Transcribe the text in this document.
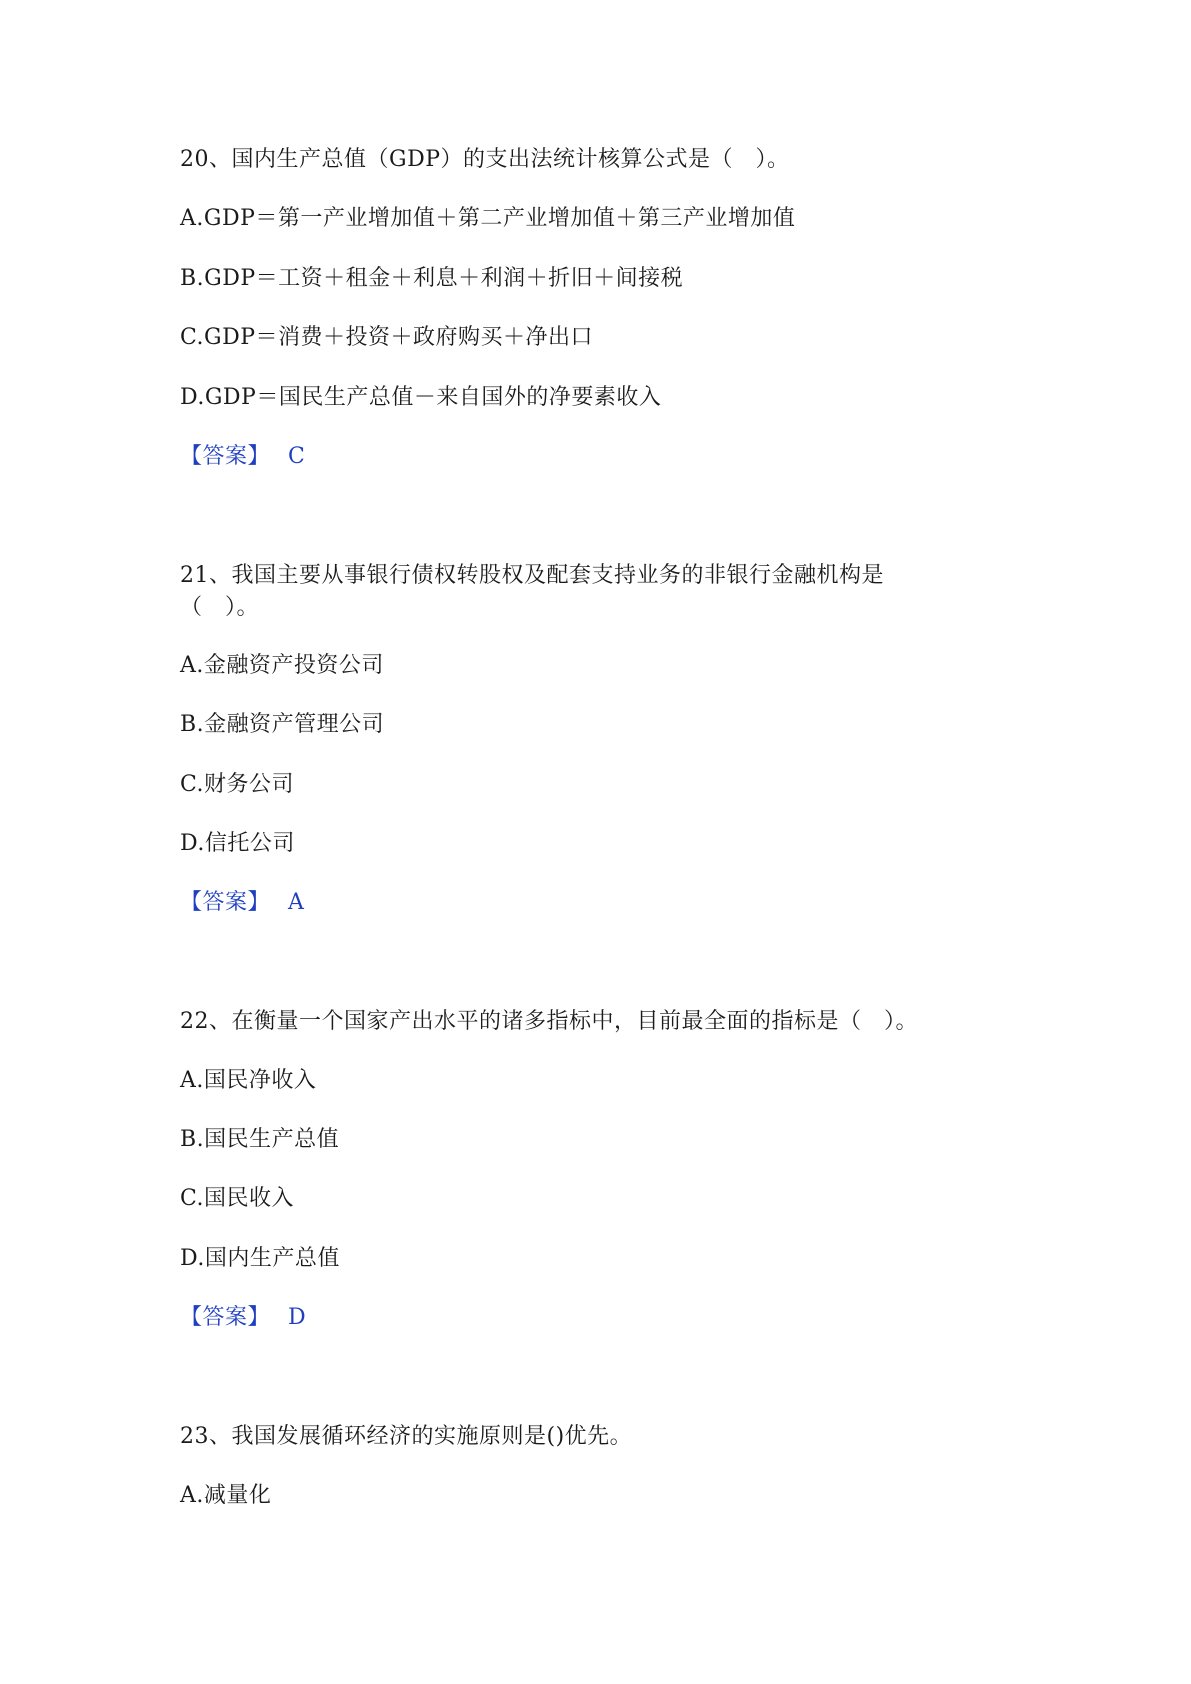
20、国内生产总值（GDP）的支出法统计核算公式是（　）。
A.GDP＝第一产业增加值＋第二产业增加值＋第三产业增加值
B.GDP＝工资＋租金＋利息＋利润＋折旧＋间接税
C.GDP＝消费＋投资＋政府购买＋净出口
D.GDP＝国民生产总值－来自国外的净要素收入
【答案】 C
21、我国主要从事银行债权转股权及配套支持业务的非银行金融机构是
（　）。
A.金融资产投资公司
B.金融资产管理公司
C.财务公司
D.信托公司
【答案】 A
22、在衡量一个国家产出水平的诸多指标中，目前最全面的指标是（　）。
A.国民净收入
B.国民生产总值
C.国民收入
D.国内生产总值
【答案】 D
23、我国发展循环经济的实施原则是()优先。
A.减量化
